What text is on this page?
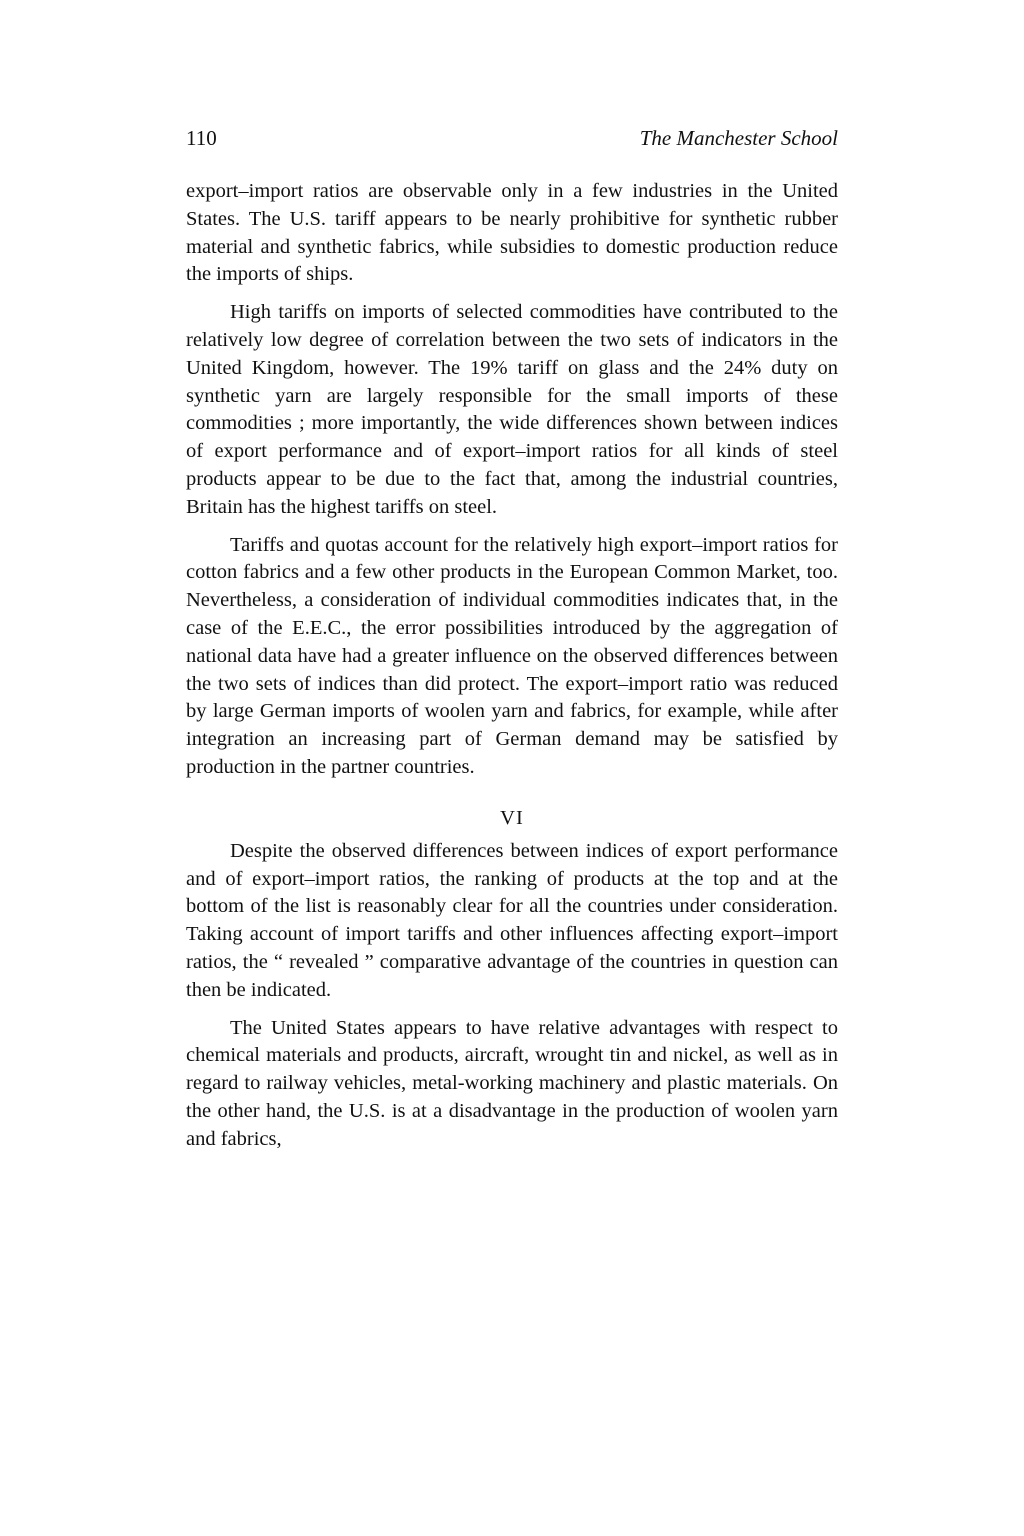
110	The Manchester School

export–import ratios are observable only in a few industries in the United States. The U.S. tariff appears to be nearly prohibitive for synthetic rubber material and synthetic fabrics, while subsidies to domestic production reduce the imports of ships.

High tariffs on imports of selected commodities have contributed to the relatively low degree of correlation between the two sets of indicators in the United Kingdom, however. The 19% tariff on glass and the 24% duty on synthetic yarn are largely responsible for the small imports of these commodities ; more importantly, the wide differences shown between indices of export performance and of export–import ratios for all kinds of steel products appear to be due to the fact that, among the industrial countries, Britain has the highest tariffs on steel.

Tariffs and quotas account for the relatively high export–import ratios for cotton fabrics and a few other products in the European Common Market, too. Nevertheless, a consideration of individual commodities indicates that, in the case of the E.E.C., the error possibilities introduced by the aggregation of national data have had a greater influence on the observed differences between the two sets of indices than did protect. The export–import ratio was reduced by large German imports of woolen yarn and fabrics, for example, while after integration an increasing part of German demand may be satisfied by production in the partner countries.

VI

Despite the observed differences between indices of export performance and of export–import ratios, the ranking of products at the top and at the bottom of the list is reasonably clear for all the countries under consideration. Taking account of import tariffs and other influences affecting export–import ratios, the “ revealed ” comparative advantage of the countries in question can then be indicated.

The United States appears to have relative advantages with respect to chemical materials and products, aircraft, wrought tin and nickel, as well as in regard to railway vehicles, metal-working machinery and plastic materials. On the other hand, the U.S. is at a disadvantage in the production of woolen yarn and fabrics,
